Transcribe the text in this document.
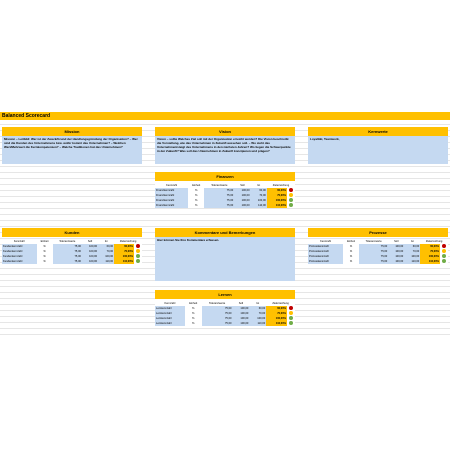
Balanced Scorecard
Mission
Mission – Leitbild: Wer ist der Zweck/Grund der Handlungsgründung der Organisation? – Wer sind die Kunden des Unternehmens bzw. wofür kommt das Unternehmen? – Welchen Wert/Mehrwert die Kernkompetenzen? – Welche Traditionen hat das Unternehmen?
Vision
Vision – sollte Welches Ziel soll mit der Organisation erreicht werden? Die Vision beschreibt die Vorstellung, wie das Unternehmen in Zukunft aussehen soll. – Wo steht das Unternehmen/steigt des Unternehmens in den nächsten Jahren? Wo liegen die Schwerpunkte in der Zukunft? Was soll das Unternehmen in Zukunft konzipieren und prägen?
Kernwerte
Loyalität, Teamwork,
Finanzen
Kennzahl	Einheit	Toleranzwerte	Soll	Ist	Zielerreichung	
Finanzkennzahl	%	75,00	100,00	60,00	60,00%	
Finanzkennzahl	%	75,00	100,00	70,00	70,00%	
Finanzkennzahl	%	75,00	100,00	100,00	100,00%	
Finanzkennzahl	%	75,00	100,00	110,00	110,00%	
Kunden
Kennzahl	Einheit	Toleranzwerte	Soll	Ist	Zielerreichung	
Kundenkennzahl	%	75,00	100,00	60,00	60,00%	
Kundenkennzahl	%	75,00	100,00	70,00	70,00%	
Kundenkennzahl	%	75,00	100,00	100,00	100,00%	
Kundenkennzahl	%	75,00	100,00	110,00	110,00%	
Kommentare und Bemerkungen
Hier können Sie Ihre Kommentare erfassen.
Prozesse
Kennzahl	Einheit	Toleranzwerte	Soll	Ist	Zielerreichung	
Prozesskennzahl	%	75,00	100,00	60,00	60,00%	
Prozesskennzahl	%	75,00	100,00	70,00	70,00%	
Prozesskennzahl	%	75,00	100,00	100,00	100,00%	
Prozesskennzahl	%	75,00	100,00	110,00	110,00%	
Lernen
Kennzahl	Einheit	Toleranzwerte	Soll	Ist	Zielerreichung	
Lernkennzahl	%	75,00	100,00	60,00	60,00%	
Lernkennzahl	%	75,00	100,00	70,00	70,00%	
Lernkennzahl	%	75,00	100,00	100,00	100,00%	
Lernkennzahl	%	75,00	100,00	110,00	110,00%	
